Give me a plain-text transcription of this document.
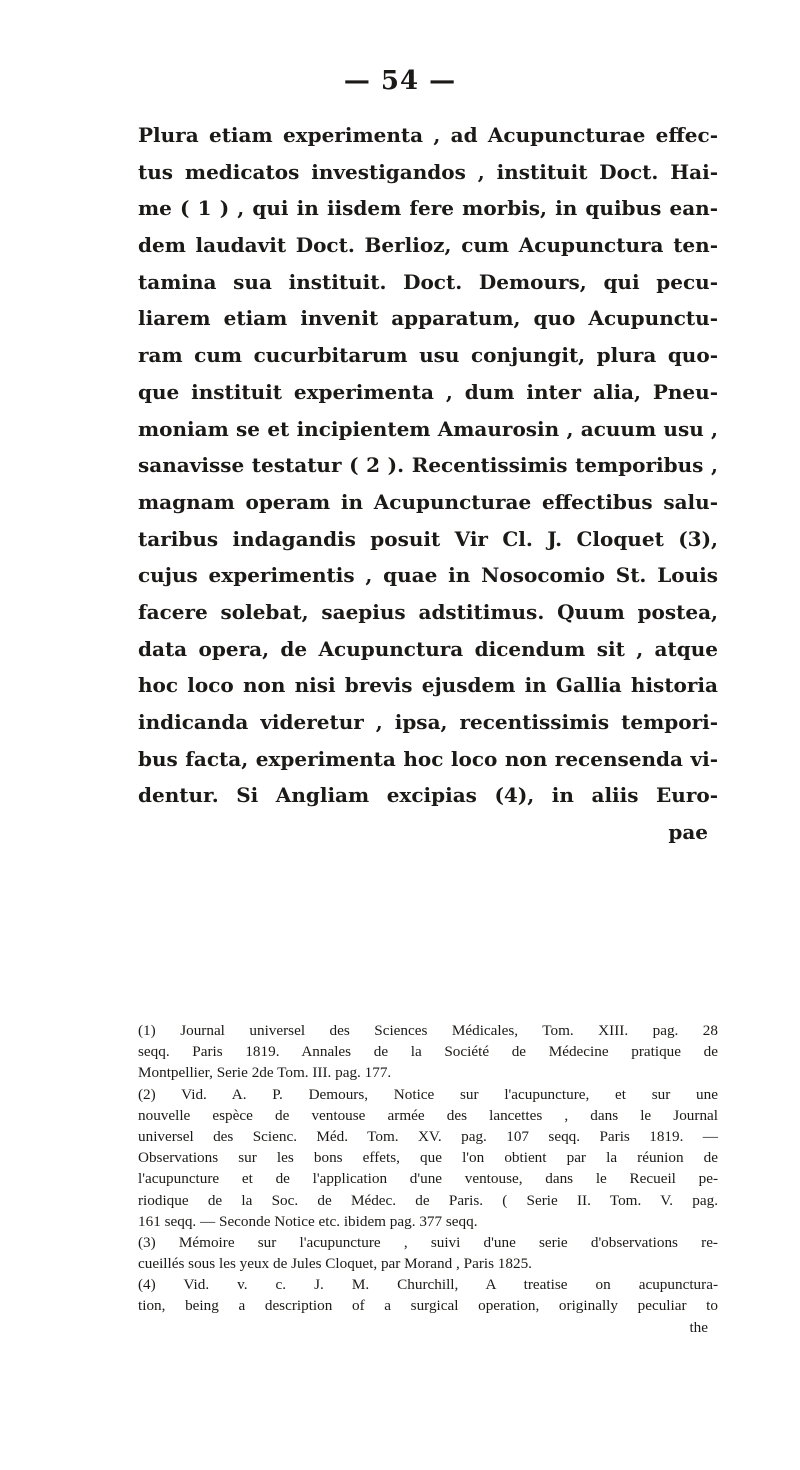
— 54 —
Plura etiam experimenta , ad Acupuncturae effec-
tus medicatos investigandos , instituit Doct. Hai-
me ( 1 ) , qui in iisdem fere morbis, in quibus ean-
dem laudavit Doct. Berlioz, cum Acupunctura ten-
tamina sua instituit. Doct. Demours, qui pecu-
liarem etiam invenit apparatum, quo Acupunctu-
ram cum cucurbitarum usu conjungit, plura quo-
que instituit experimenta , dum inter alia, Pneu-
moniam se et incipientem Amaurosin , acuum usu ,
sanavisse testatur ( 2 ). Recentissimis temporibus ,
magnam operam in Acupuncturae effectibus salu-
taribus indagandis posuit Vir Cl. J. Cloquet (3),
cujus experimentis , quae in Nosocomio St. Louis
facere solebat, saepius adstitimus. Quum postea,
data opera, de Acupunctura dicendum sit , atque
hoc loco non nisi brevis ejusdem in Gallia historia
indicanda videretur , ipsa, recentissimis tempori-
bus facta, experimenta hoc loco non recensenda vi-
dentur. Si Angliam excipias (4), in aliis Euro-
pae
(1) Journal universel des Sciences Médicales, Tom. XIII. pag. 28
seqq. Paris 1819. Annales de la Société de Médecine pratique de
Montpellier, Serie 2de Tom. III. pag. 177.
(2) Vid. A. P. Demours, Notice sur l'acupuncture, et sur une
nouvelle espèce de ventouse armée des lancettes , dans le Journal
universel des Scienc. Méd. Tom. XV. pag. 107 seqq. Paris 1819. —
Observations sur les bons effets, que l'on obtient par la réunion de
l'acupuncture et de l'application d'une ventouse, dans le Recueil pe-
riodique de la Soc. de Médec. de Paris. ( Serie II. Tom. V. pag.
161 seqq. — Seconde Notice etc. ibidem pag. 377 seqq.
(3) Mémoire sur l'acupuncture , suivi d'une serie d'observations re-
cueillés sous les yeux de Jules Cloquet, par Morand , Paris 1825.
(4) Vid. v. c. J. M. Churchill, A treatise on acupunctura-
tion, being a description of a surgical operation, originally peculiar to
the
